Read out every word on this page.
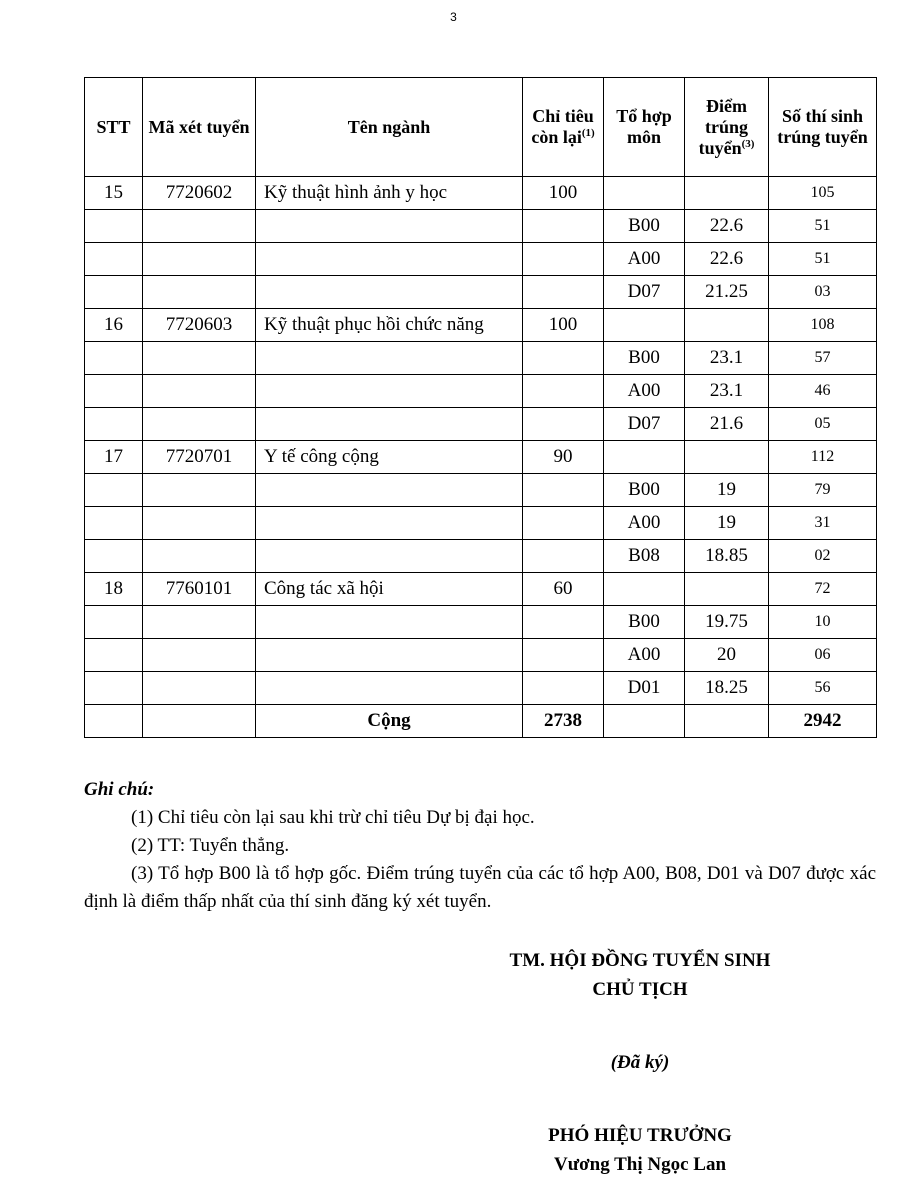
3
STT	Mã xét tuyển	Tên ngành	Chỉ tiêu còn lại$^{(1)}$	Tổ hợp môn	Điểm trúng tuyển$^{(3)}$	Số thí sinh trúng tuyển
15	7720602	Kỹ thuật hình ảnh y học	100			105
				B00	22.6	51
				A00	22.6	51
				D07	21.25	03
16	7720603	Kỹ thuật phục hồi chức năng	100			108
				B00	23.1	57
				A00	23.1	46
				D07	21.6	05
17	7720701	Y tế công cộng	90			112
				B00	19	79
				A00	19	31
				B08	18.85	02
18	7760101	Công tác xã hội	60			72
				B00	19.75	10
				A00	20	06
				D01	18.25	56
		Cộng	2738			2942

Ghi chú:

(1) Chỉ tiêu còn lại sau khi trừ chỉ tiêu Dự bị đại học.

(2) TT: Tuyển thẳng.

(3) Tổ hợp B00 là tổ hợp gốc. Điểm trúng tuyển của các tổ hợp A00, B08, D01 và D07 được xác định là điểm thấp nhất của thí sinh đăng ký xét tuyển.

TM. HỘI ĐỒNG TUYỂN SINH
CHỦ TỊCH
(Đã ký)
PHÓ HIỆU TRƯỞNG
Vương Thị Ngọc Lan
